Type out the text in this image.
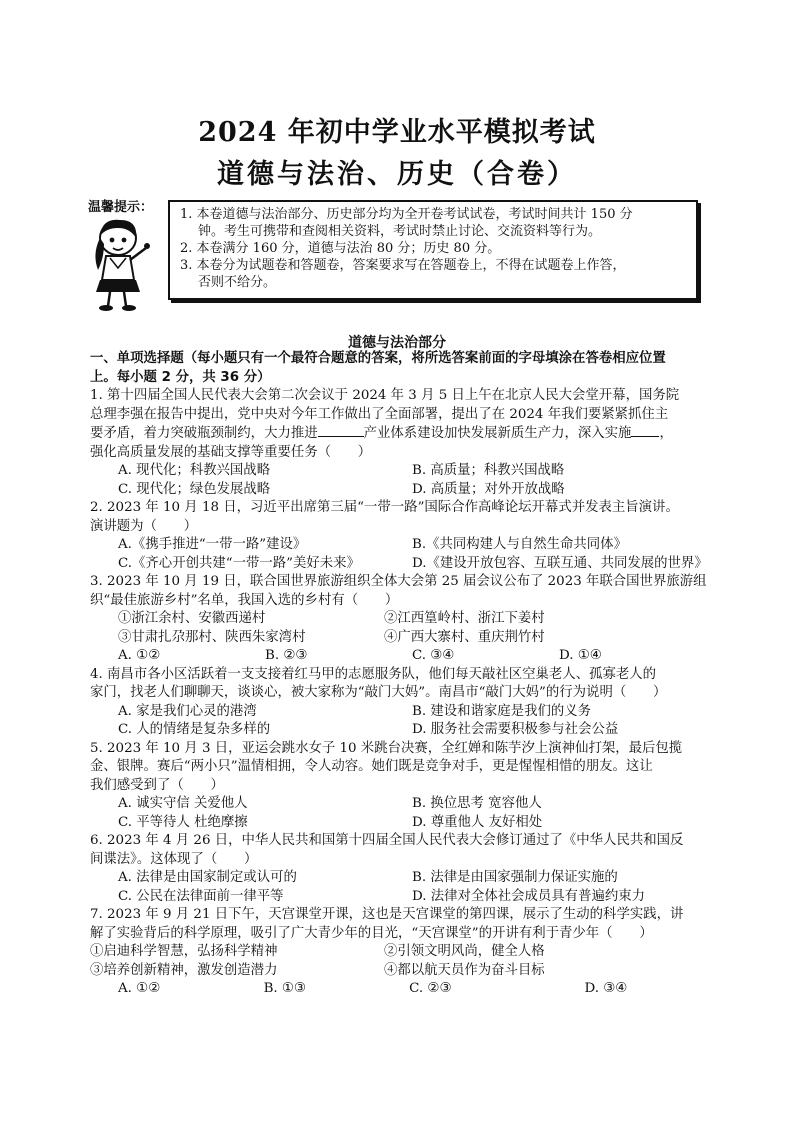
2024 年初中学业水平模拟考试
道德与法治、历史（合卷）
温馨提示： 1. 本卷道德与法治部分、历史部分均为全开卷考试试卷，考试时间共计 150 分
钟。考生可携带和查阅相关资料，考试时禁止讨论、交流资料等行为。
2. 本卷满分 160 分，道德与法治 80 分；历史 80 分。
3. 本卷分为试题卷和答题卷，答案要求写在答题卷上，不得在试题卷上作答，
否则不给分。
道德与法治部分
一、单项选择题（每小题只有一个最符合题意的答案，将所选答案前面的字母填涂在答卷相应位置
上。每小题 2 分，共 36 分）
1. 第十四届全国人民代表大会第二次会议于 2024 年 3 月 5 日上午在北京人民大会堂开幕，国务院
总理李强在报告中提出，党中央对今年工作做出了全面部署，提出了在 2024 年我们要紧紧抓住主
要矛盾，着力突破瓶颈制约，大力推进	产业体系建设加快发展新质生产力，深入实施 ，
强化高质量发展的基础支撑等重要任务（　　）
A. 现代化；科教兴国战略	B. 高质量；科教兴国战略
C. 现代化；绿色发展战略	D. 高质量；对外开放战略
2. 2023 年 10 月 18 日，习近平出席第三届“一带一路”国际合作高峰论坛开幕式并发表主旨演讲。
演讲题为（　　）
A.《携手推进“一带一路”建设》	B.《共同构建人与自然生命共同体》
C.《齐心开创共建“一带一路”美好未来》	D.《建设开放包容、互联互通、共同发展的世界》
3. 2023 年 10 月 19 日，联合国世界旅游组织全体大会第 25 届会议公布了 2023 年联合国世界旅游组
织“最佳旅游乡村”名单，我国入选的乡村有（　　）
①浙江余村、安徽西递村	②江西篁岭村、浙江下姜村
③甘肃扎尕那村、陕西朱家湾村	④广西大寨村、重庆荆竹村
A. ①②	B. ②③	C. ③④	D. ①④
4. 南昌市各小区活跃着一支支接着红马甲的志愿服务队，他们每天敲社区空巢老人、孤寡老人的
家门，找老人们聊聊天，谈谈心，被大家称为“敲门大妈”。南昌市“敲门大妈”的行为说明（　　）
A. 家是我们心灵的港湾	B. 建设和谐家庭是我们的义务
C. 人的情绪是复杂多样的	D. 服务社会需要积极参与社会公益
5. 2023 年 10 月 3 日，亚运会跳水女子 10 米跳台决赛，全红婵和陈芋汐上演神仙打架，最后包揽
金、银牌。赛后“两小只”温情相拥，令人动容。她们既是竞争对手，更是惺惺相惜的朋友。这让
我们感受到了（　　）
A. 诚实守信 关爱他人	B. 换位思考 宽容他人
C. 平等待人 杜绝摩擦	D. 尊重他人 友好相处
6. 2023 年 4 月 26 日，中华人民共和国第十四届全国人民代表大会修订通过了《中华人民共和国反
间谍法》。这体现了（　　）
A. 法律是由国家制定或认可的	B. 法律是由国家强制力保证实施的
C. 公民在法律面前一律平等	D. 法律对全体社会成员具有普遍约束力
7. 2023 年 9 月 21 日下午，天宫课堂开课，这也是天宫课堂的第四课，展示了生动的科学实践，讲
解了实验背后的科学原理，吸引了广大青少年的目光，“天宫课堂”的开讲有利于青少年（　　）
①启迪科学智慧，弘扬科学精神	②引领文明风尚，健全人格
③培养创新精神，激发创造潜力	④都以航天员作为奋斗目标
A. ①②	B. ①③	C. ②③	D. ③④
